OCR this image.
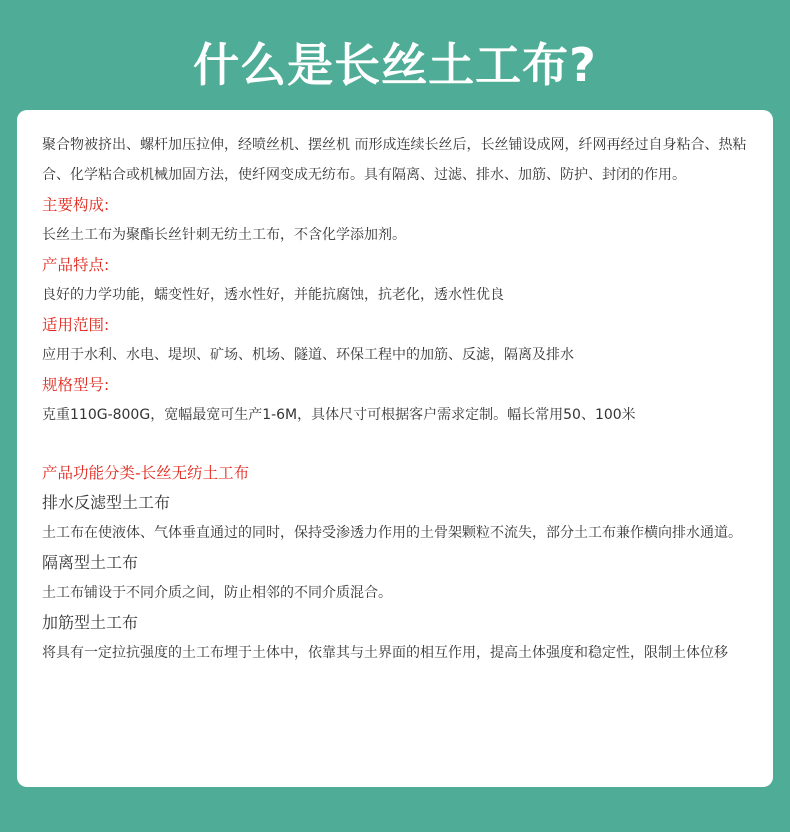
什么是长丝土工布?
聚合物被挤出、螺杆加压拉伸，经喷丝机、摆丝机 而形成连续长丝后，长丝铺设成网，纤网再经过自身粘合、热粘合、化学粘合或机械加固方法，使纤网变成无纺布。具有隔离、过滤、排水、加筋、防护、封闭的作用。
主要构成:
长丝土工布为聚酯长丝针刺无纺土工布，不含化学添加剂。
产品特点:
良好的力学功能，蠕变性好，透水性好，并能抗腐蚀，抗老化，透水性优良
适用范围:
应用于水利、水电、堤坝、矿场、机场、隧道、环保工程中的加筋、反滤，隔离及排水
规格型号:
克重110G-800G，宽幅最宽可生产1-6M，具体尺寸可根据客户需求定制。幅长常用50、100米
产品功能分类-长丝无纺土工布
排水反滤型土工布
土工布在使液体、气体垂直通过的同时，保持受渗透力作用的土骨架颗粒不流失，部分土工布兼作横向排水通道。
隔离型土工布
土工布铺设于不同介质之间，防止相邻的不同介质混合。
加筋型土工布
将具有一定拉抗强度的土工布埋于土体中，依靠其与土界面的相互作用，提高土体强度和稳定性，限制土体位移
